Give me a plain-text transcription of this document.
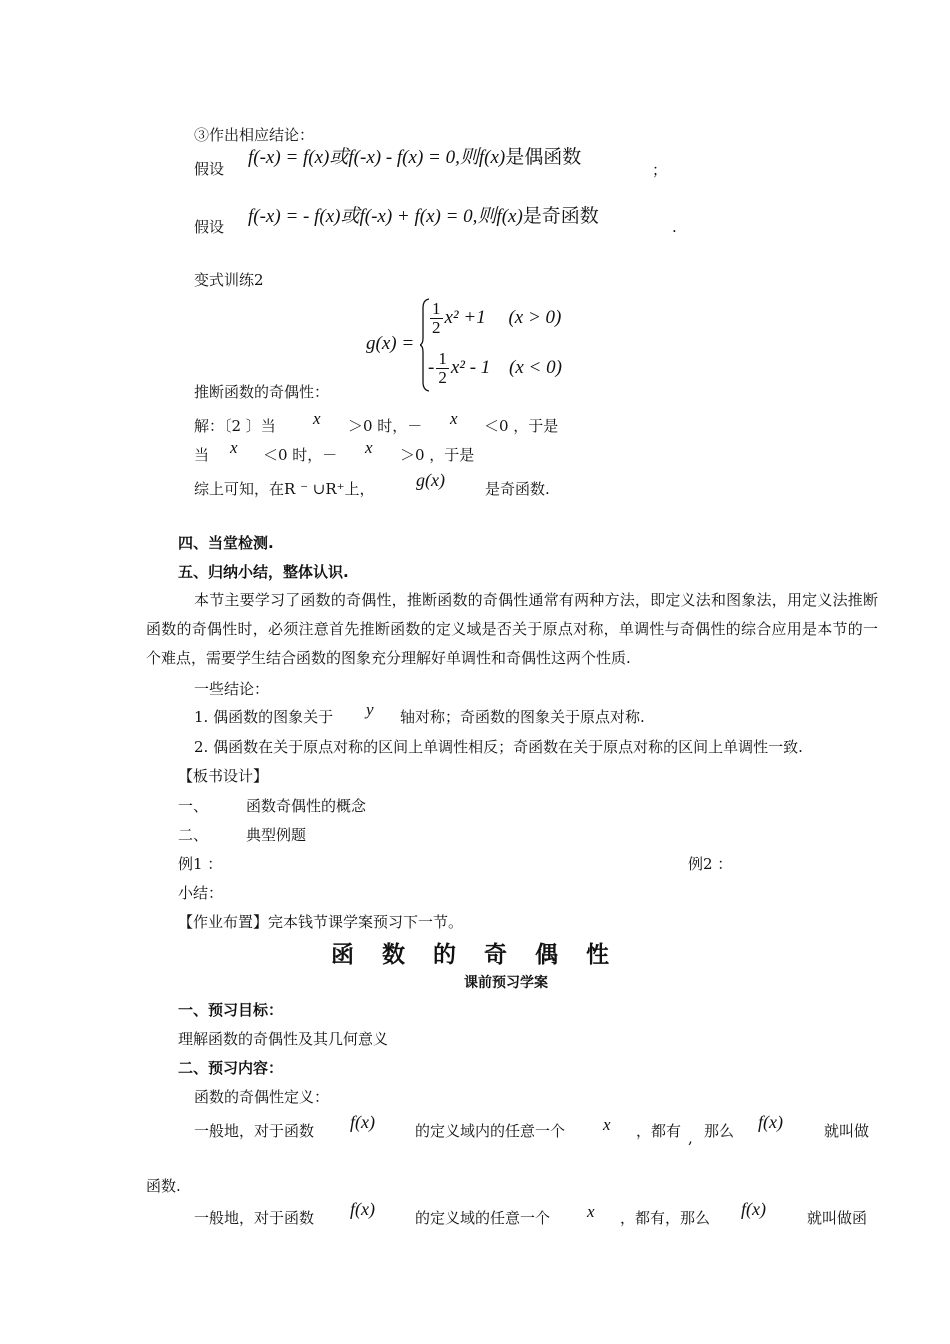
③作出相应结论：
假设
f(-x) = f(x)或f(-x) - f(x) = 0,则f(x)是偶函数
；
假设 f(-x) = - f(x)或f(-x) + f(x) = 0,则f(x)是奇函数	.
变式训练2
g(x) =
$\frac{1}{2} x^2 +1$ (x > 0)
- $\frac{1}{2} x^2 - 1$ (x < 0)
推断函数的奇偶性：
解：〔2 〕当 x ＞0 时，－ x ＜0 ，于是
当 x ＜0 时，－ x ＞0 ，于是
综上可知，在R ⁻ ∪R⁺上， g(x)	是奇函数.
四、当堂检测.
五、归纳小结，整体认识.
本节主要学习了函数的奇偶性，推断函数的奇偶性通常有两种方法，即定义法和图象法，用定义法推断函数的奇偶性时，必须注意首先推断函数的定义域是否关于原点对称，单调性与奇偶性的综合应用是本节的一个难点，需要学生结合函数的图象充分理解好单调性和奇偶性这两个性质.
一些结论：
1. 偶函数的图象关于 y 轴对称；奇函数的图象关于原点对称.
2. 偶函数在关于原点对称的区间上单调性相反；奇函数在关于原点对称的区间上单调性一致.
【板书设计】
一、	函数奇偶性的概念
二、	典型例题
例1 ：	例2 ：
小结：
【作业布置】完本钱节课学案预习下一节。
函 数 的 奇 偶 性
课前预习学案
一、预习目标：
理解函数的奇偶性及其几何意义
二、预习内容：
函数的奇偶性定义：
一般地，对于函数 f(x)	的定义域内的任意一个 x ，都有 , 那么 f(x)	就叫做
函数.
一般地，对于函数 f(x)	的定义域的任意一个 x ，都有，那么 f(x)	就叫做函
